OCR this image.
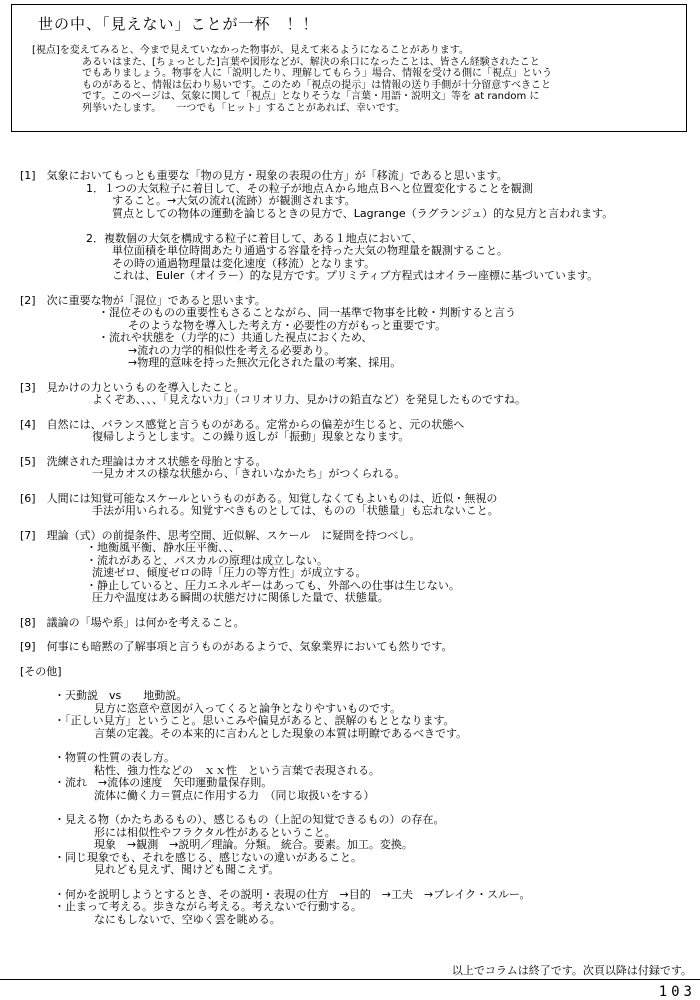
世の中、「見えない」ことが一杯　！！
[視点]を変えてみると、今まで見えていなかった物事が、見えて来るようになることがあります。
あるいはまた、[ちょっとした]言葉や図形などが、解決の糸口になったことは、皆さん経験されたこと
でもありましょう。物事を人に「説明したり、理解してもらう」場合、情報を受ける側に「視点」という
ものがあると、情報は伝わり易いです。このため「視点の提示」は情報の送り手側が十分留意すべきこと
です。このページは、気象に関して「視点」となりそうな「言葉・用語・説明文」等を at random に
列挙いたします。　　一つでも「ヒット」することがあれば、幸いです。
[1]　気象においてもっとも重要な「物の見方・現象の表現の仕方」が「移流」であると思います。
1．１つの大気粒子に着目して、その粒子が地点Ａから地点Ｂへと位置変化することを観測
すること。→大気の流れ(流跡）が観測されます。
質点としての物体の運動を論じるときの見方で、Lagrange（ラグランジュ）的な見方と言われます。
2．複数個の大気を構成する粒子に着目して、ある１地点において、
単位面積を単位時間あたり通過する容量を持った大気の物理量を観測すること。
その時の通過物理量は変化速度（移流）となります。
これは、Euler（オイラー）的な見方です。プリミティブ方程式はオイラー座標に基づいています。
[2]　次に重要な物が「混位」であると思います。
・混位そのものの重要性もさることながら、同一基準で物事を比較・判断すると言う
そのような物を導入した考え方・必要性の方がもっと重要です。
・流れや状態を（力学的に）共通した視点におくため、
→流れの力学的相似性を考える必要あり。
→物理的意味を持った無次元化された量の考案、採用。
[3]　見かけの力というものを導入したこと。
よくぞあ、、、、「見えない力」（コリオリ力、見かけの鉛直など）を発見したものですね。
[4]　自然には、バランス感覚と言うものがある。定常からの偏差が生じると、元の状態へ
復帰しようとします。この繰り返しが「振動」現象となります。
[5]　洗練された理論はカオス状態を母胎とする。
一見カオスの様な状態から、「きれいなかたち」がつくられる。
[6]　人間には知覚可能なスケールというものがある。知覚しなくてもよいものは、近似・無視の
手法が用いられる。知覚すべきものとしては、ものの「状態量」も忘れないこと。
[7]　理論（式）の前提条件、思考空間、近似解、スケール　に疑問を持つべし。
・地衡風平衡、静水圧平衡、、、
・流れがあると、パスカルの原理は成立しない。
流速ゼロ、傾度ゼロの時「圧力の等方性」が成立する。
・静止していると、圧力エネルギーはあっても、外部への仕事は生じない。
圧力や温度はある瞬間の状態だけに関係した量で、状態量。
[8]　議論の「場や系」は何かを考えること。
[9]　何事にも暗黙の了解事項と言うものがあるようで、気象業界においても然りです。
[その他]
・天動説　vs　　地動説。
見方に恣意や意図が入ってくると論争となりやすいものです。
・「正しい見方」ということ。思いこみや偏見があると、誤解のもととなります。
言葉の定義。その本来的に言わんとした現象の本質は明瞭であるべきです。
・物質の性質の表し方。
粘性、強力性などの　ｘｘ性　という言葉で表現される。
・流れ　→流体の速度　矢印運動量保存則。
流体に働く力＝質点に作用する力　（同じ取扱いをする）
・見える物（かたちあるもの）、感じるもの（上記の知覚できるもの）の存在。
形には相似性やフラクタル性があるということ。
現象　→観測　→説明／理論。分類。 統合。要素。加工。変換。
・同じ現象でも、それを感じる、感じないの違いがあること。
見れども見えず、聞けども聞こえず。
・何かを説明しようとするとき、その説明・表現の仕方　→目的　→工夫　→ブレイク・スルー。
・止まって考える。歩きながら考える。考えないで行動する。
なにもしないで、空ゆく雲を眺める。
以上でコラムは終了です。次頁以降は付録です。
103
